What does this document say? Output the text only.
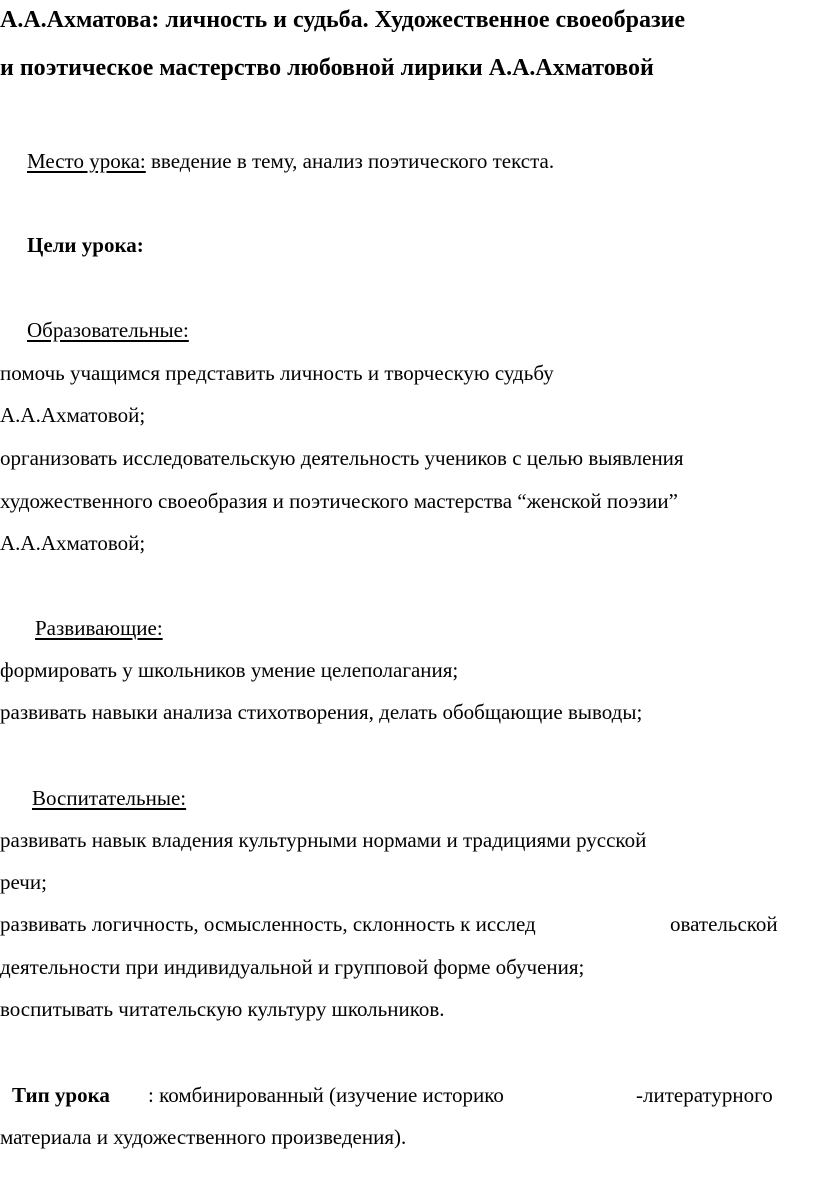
А.А.Ахматова: личность и судьба. Художественное своеобразие
и поэтическое мастерство любовной лирики А.А.Ахматовой
Место урока: введение в тему, анализ поэтического текста.
Цели урока:
Образовательные:
помочь учащимся представить личность и творческую судьбу
А.А.Ахматовой;
организовать исследовательскую деятельность учеников с целью выявления
художественного своеобразия и поэтического мастерства “женской поэзии”
А.А.Ахматовой;
Развивающие:
формировать у школьников умение целеполагания;
развивать навыки анализа стихотворения, делать обобщающие выводы;
Воспитательные:
развивать навык владения культурными нормами и традициями русской
речи;
развивать логичность, осмысленность, склонность к исслед	овательской
деятельности при индивидуальной и групповой форме обучения;
воспитывать читательскую культуру школьников.
Тип урока : комбинированный (изучение историко	-литературного
материала и художественного произведения).
